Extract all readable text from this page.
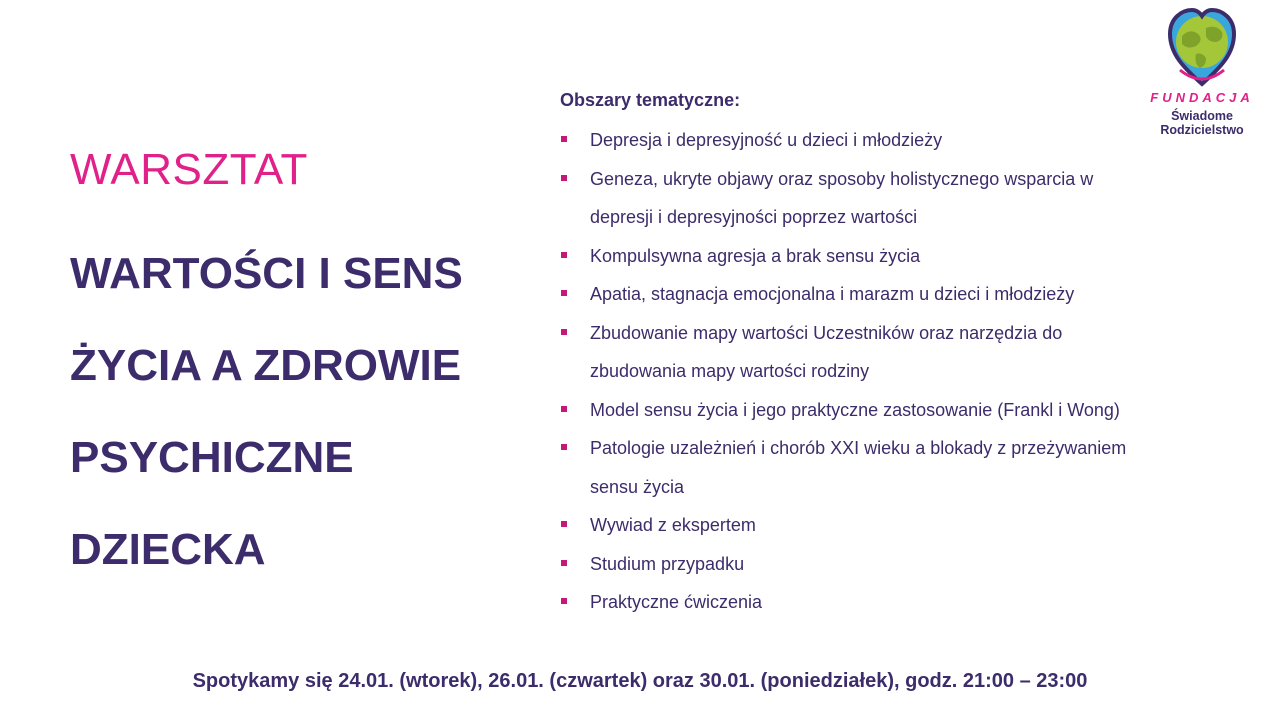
FUNDACJA
Świadome Rodzicielstwo
WARSZTAT
WARTOŚCI I SENS
ŻYCIA A ZDROWIE
PSYCHICZNE
DZIECKA
Obszary tematyczne:
Depresja i depresyjność u dzieci i młodzieży
Geneza, ukryte objawy oraz sposoby holistycznego wsparcia w
depresji i depresyjności poprzez wartości
Kompulsywna agresja a brak sensu życia
Apatia, stagnacja emocjonalna i marazm u dzieci i młodzieży
Zbudowanie mapy wartości Uczestników oraz narzędzia do
zbudowania mapy wartości rodziny
Model sensu życia i jego praktyczne zastosowanie (Frankl i Wong)
Patologie uzależnień i chorób XXI wieku a blokady z przeżywaniem
sensu życia
Wywiad z ekspertem
Studium przypadku
Praktyczne ćwiczenia
Spotykamy się 24.01. (wtorek), 26.01. (czwartek) oraz 30.01. (poniedziałek), godz. 21:00 – 23:00
